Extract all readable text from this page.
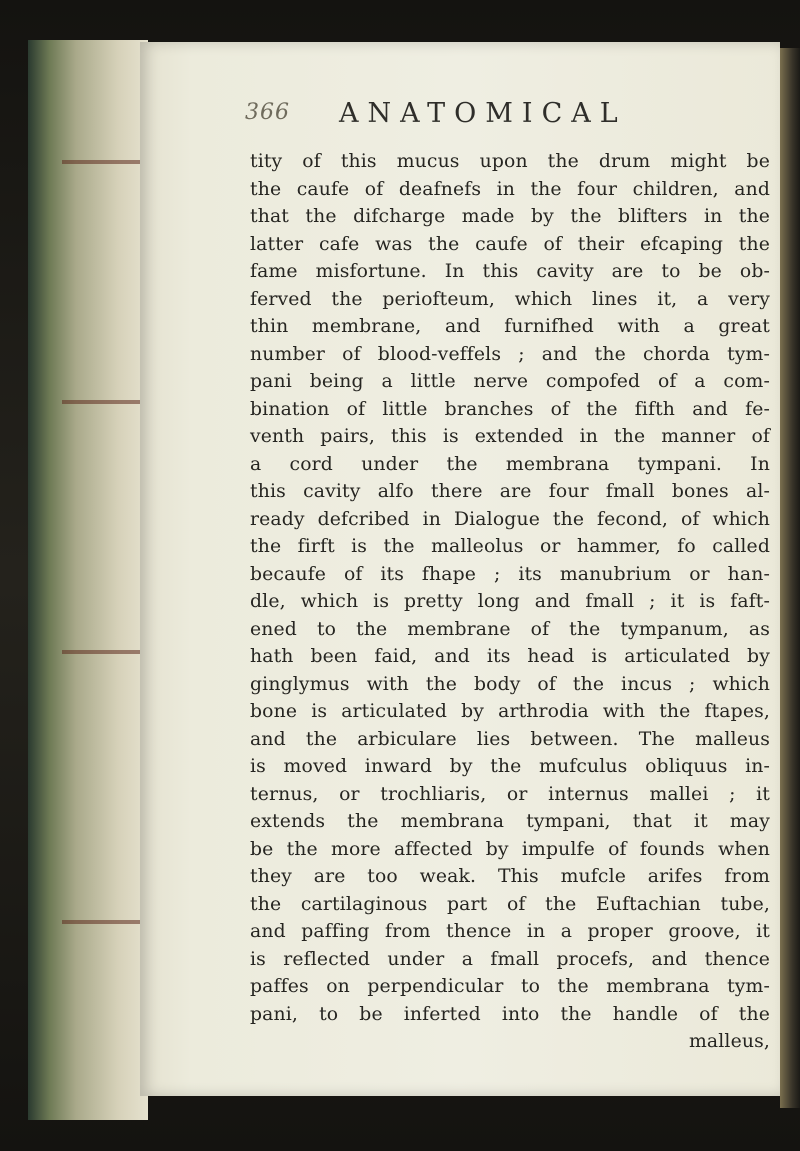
366 ANATOMICAL
tity of this mucus upon the drum might be
the caufe of deafnefs in the four children, and
that the difcharge made by the blifters in the
latter cafe was the caufe of their efcaping the
fame misfortune. In this cavity are to be ob-
ferved the periofteum, which lines it, a very
thin membrane, and furnifhed with a great
number of blood-veffels ; and the chorda tym-
pani being a little nerve compofed of a com-
bination of little branches of the fifth and fe-
venth pairs, this is extended in the manner of
a cord under the membrana tympani. In
this cavity alfo there are four fmall bones al-
ready defcribed in Dialogue the fecond, of which
the firft is the malleolus or hammer, fo called
becaufe of its fhape ; its manubrium or han-
dle, which is pretty long and fmall ; it is faft-
ened to the membrane of the tympanum, as
hath been faid, and its head is articulated by
ginglymus with the body of the incus ; which
bone is articulated by arthrodia with the ftapes,
and the arbiculare lies between. The malleus
is moved inward by the mufculus obliquus in-
ternus, or trochliaris, or internus mallei ; it
extends the membrana tympani, that it may
be the more affected by impulfe of founds when
they are too weak. This mufcle arifes from
the cartilaginous part of the Euftachian tube,
and paffing from thence in a proper groove, it
is reflected under a fmall procefs, and thence
paffes on perpendicular to the membrana tym-
pani, to be inferted into the handle of the
malleus,
